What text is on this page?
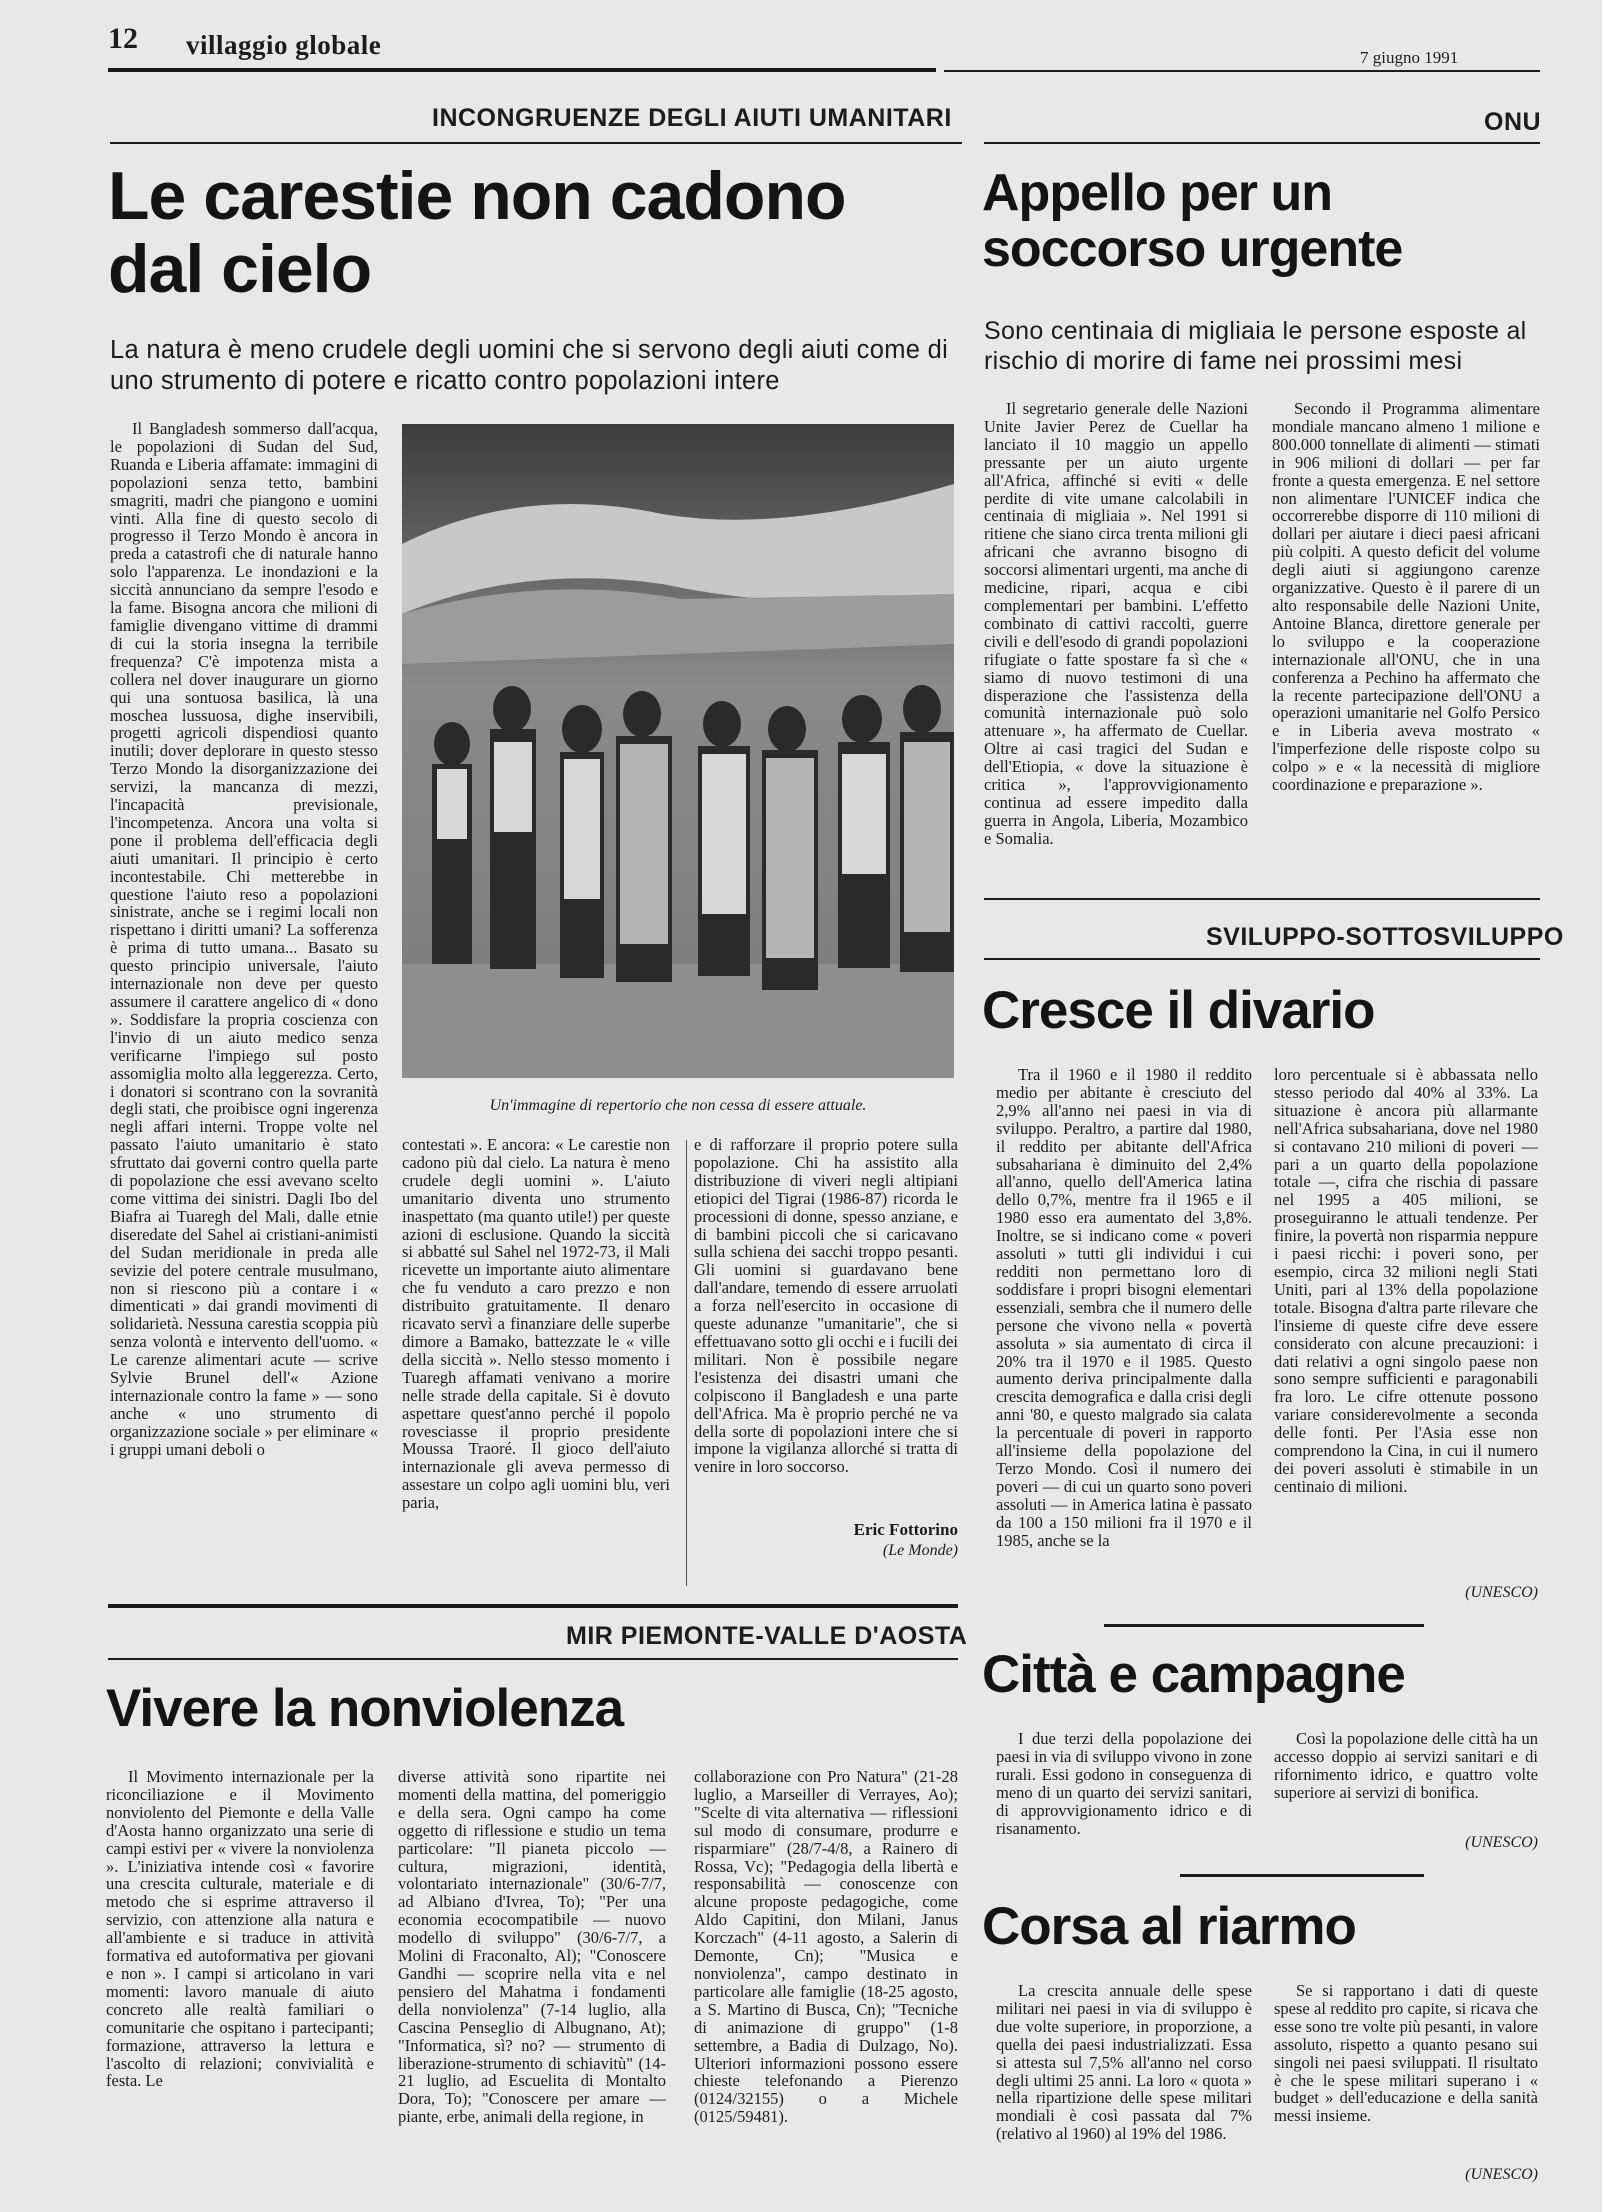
12 villaggio globale	7 giugno 1991
INCONGRUENZE DEGLI AIUTI UMANITARI
Le carestie non cadono dal cielo

La natura è meno crudele degli uomini che si servono degli aiuti come di uno strumento di potere e ricatto contro popolazioni intere

Il Bangladesh sommerso dall'acqua, le popolazioni di Sudan del Sud, Ruanda e Liberia affamate: immagini di popolazioni senza tetto, bambini smagriti, madri che piangono e uomini vinti. Alla fine di questo secolo di progresso il Terzo Mondo è ancora in preda a catastrofi che di naturale hanno solo l'apparenza. Le inondazioni e la siccità annunciano da sempre l'esodo e la fame. Bisogna ancora che milioni di famiglie divengano vittime di drammi di cui la storia insegna la terribile frequenza? C'è impotenza mista a collera nel dover inaugurare un giorno qui una sontuosa basilica, là una moschea lussuosa, dighe inservibili, progetti agricoli dispendiosi quanto inutili; dover deplorare in questo stesso Terzo Mondo la disorganizzazione dei servizi, la mancanza di mezzi, l'incapacità previsionale, l'incompetenza. Ancora una volta si pone il problema dell'efficacia degli aiuti umanitari. Il principio è certo incontestabile. Chi metterebbe in questione l'aiuto reso a popolazioni sinistrate, anche se i regimi locali non rispettano i diritti umani? La sofferenza è prima di tutto umana... Basato su questo principio universale, l'aiuto internazionale non deve per questo assumere il carattere angelico di « dono ». Soddisfare la propria coscienza con l'invio di un aiuto medico senza verificarne l'impiego sul posto assomiglia molto alla leggerezza. Certo, i donatori si scontrano con la sovranità degli stati, che proibisce ogni ingerenza negli affari interni. Troppe volte nel passato l'aiuto umanitario è stato sfruttato dai governi contro quella parte di popolazione che essi avevano scelto come vittima dei sinistri. Dagli Ibo del Biafra ai Tuaregh del Mali, dalle etnie diseredate del Sahel ai cristiani-animisti del Sudan meridionale in preda alle sevizie del potere centrale musulmano, non si riescono più a contare i « dimenticati » dai grandi movimenti di solidarietà. Nessuna carestia scoppia più senza volontà e intervento dell'uomo. « Le carenze alimentari acute — scrive Sylvie Brunel dell'« Azione internazionale contro la fame » — sono anche « uno strumento di organizzazione sociale » per eliminare « i gruppi umani deboli o

Un'immagine di repertorio che non cessa di essere attuale.

contestati ». E ancora: « Le carestie non cadono più dal cielo. La natura è meno crudele degli uomini ». L'aiuto umanitario diventa uno strumento inaspettato (ma quanto utile!) per queste azioni di esclusione. Quando la siccità si abbatté sul Sahel nel 1972-73, il Mali ricevette un importante aiuto alimentare che fu venduto a caro prezzo e non distribuito gratuitamente. Il denaro ricavato servì a finanziare delle superbe dimore a Bamako, battezzate le « ville della siccità ». Nello stesso momento i Tuaregh affamati venivano a morire nelle strade della capitale. Si è dovuto aspettare quest'anno perché il popolo rovesciasse il proprio presidente Moussa Traoré. Il gioco dell'aiuto internazionale gli aveva permesso di assestare un colpo agli uomini blu, veri paria,

e di rafforzare il proprio potere sulla popolazione. Chi ha assistito alla distribuzione di viveri negli altipiani etiopici del Tigrai (1986-87) ricorda le processioni di donne, spesso anziane, e di bambini piccoli che si caricavano sulla schiena dei sacchi troppo pesanti. Gli uomini si guardavano bene dall'andare, temendo di essere arruolati a forza nell'esercito in occasione di queste adunanze "umanitarie", che si effettuavano sotto gli occhi e i fucili dei militari. Non è possibile negare l'esistenza dei disastri umani che colpiscono il Bangladesh e una parte dell'Africa. Ma è proprio perché ne va della sorte di popolazioni intere che si impone la vigilanza allorché si tratta di venire in loro soccorso.

Eric Fottorino
(Le Monde)
ONU
Appello per un soccorso urgente

Sono centinaia di migliaia le persone esposte al rischio di morire di fame nei prossimi mesi

Il segretario generale delle Nazioni Unite Javier Perez de Cuellar ha lanciato il 10 maggio un appello pressante per un aiuto urgente all'Africa, affinché si eviti « delle perdite di vite umane calcolabili in centinaia di migliaia ». Nel 1991 si ritiene che siano circa trenta milioni gli africani che avranno bisogno di soccorsi alimentari urgenti, ma anche di medicine, ripari, acqua e cibi complementari per bambini. L'effetto combinato di cattivi raccolti, guerre civili e dell'esodo di grandi popolazioni rifugiate o fatte spostare fa sì che « siamo di nuovo testimoni di una disperazione che l'assistenza della comunità internazionale può solo attenuare », ha affermato de Cuellar. Oltre ai casi tragici del Sudan e dell'Etiopia, « dove la situazione è critica », l'approvvigionamento continua ad essere impedito dalla guerra in Angola, Liberia, Mozambico e Somalia.

Secondo il Programma alimentare mondiale mancano almeno 1 milione e 800.000 tonnellate di alimenti — stimati in 906 milioni di dollari — per far fronte a questa emergenza. E nel settore non alimentare l'UNICEF indica che occorrerebbe disporre di 110 milioni di dollari per aiutare i dieci paesi africani più colpiti. A questo deficit del volume degli aiuti si aggiungono carenze organizzative. Questo è il parere di un alto responsabile delle Nazioni Unite, Antoine Blanca, direttore generale per lo sviluppo e la cooperazione internazionale all'ONU, che in una conferenza a Pechino ha affermato che la recente partecipazione dell'ONU a operazioni umanitarie nel Golfo Persico e in Liberia aveva mostrato « l'imperfezione delle risposte colpo su colpo » e « la necessità di migliore coordinazione e preparazione ».

SVILUPPO-SOTTOSVILUPPO
Cresce il divario

Tra il 1960 e il 1980 il reddito medio per abitante è cresciuto del 2,9% all'anno nei paesi in via di sviluppo. Peraltro, a partire dal 1980, il reddito per abitante dell'Africa subsahariana è diminuito del 2,4% all'anno, quello dell'America latina dello 0,7%, mentre fra il 1965 e il 1980 esso era aumentato del 3,8%. Inoltre, se si indicano come « poveri assoluti » tutti gli individui i cui redditi non permettano loro di soddisfare i propri bisogni elementari essenziali, sembra che il numero delle persone che vivono nella « povertà assoluta » sia aumentato di circa il 20% tra il 1970 e il 1985. Questo aumento deriva principalmente dalla crescita demografica e dalla crisi degli anni '80, e questo malgrado sia calata la percentuale di poveri in rapporto all'insieme della popolazione del Terzo Mondo. Così il numero dei poveri — di cui un quarto sono poveri assoluti — in America latina è passato da 100 a 150 milioni fra il 1970 e il 1985, anche se la

loro percentuale si è abbassata nello stesso periodo dal 40% al 33%. La situazione è ancora più allarmante nell'Africa subsahariana, dove nel 1980 si contavano 210 milioni di poveri — pari a un quarto della popolazione totale —, cifra che rischia di passare nel 1995 a 405 milioni, se proseguiranno le attuali tendenze. Per finire, la povertà non risparmia neppure i paesi ricchi: i poveri sono, per esempio, circa 32 milioni negli Stati Uniti, pari al 13% della popolazione totale. Bisogna d'altra parte rilevare che l'insieme di queste cifre deve essere considerato con alcune precauzioni: i dati relativi a ogni singolo paese non sono sempre sufficienti e paragonabili fra loro. Le cifre ottenute possono variare considerevolmente a seconda delle fonti. Per l'Asia esse non comprendono la Cina, in cui il numero dei poveri assoluti è stimabile in un centinaio di milioni.

(UNESCO)
MIR PIEMONTE-VALLE D'AOSTA
Vivere la nonviolenza

Il Movimento internazionale per la riconciliazione e il Movimento nonviolento del Piemonte e della Valle d'Aosta hanno organizzato una serie di campi estivi per « vivere la nonviolenza ». L'iniziativa intende così « favorire una crescita culturale, materiale e di metodo che si esprime attraverso il servizio, con attenzione alla natura e all'ambiente e si traduce in attività formativa ed autoformativa per giovani e non ». I campi si articolano in vari momenti: lavoro manuale di aiuto concreto alle realtà familiari o comunitarie che ospitano i partecipanti; formazione, attraverso la lettura e l'ascolto di relazioni; convivialità e festa. Le

diverse attività sono ripartite nei momenti della mattina, del pomeriggio e della sera. Ogni campo ha come oggetto di riflessione e studio un tema particolare: "Il pianeta piccolo — cultura, migrazioni, identità, volontariato internazionale" (30/6-7/7, ad Albiano d'Ivrea, To); "Per una economia ecocompatibile — nuovo modello di sviluppo" (30/6-7/7, a Molini di Fraconalto, Al); "Conoscere Gandhi — scoprire nella vita e nel pensiero del Mahatma i fondamenti della nonviolenza" (7-14 luglio, alla Cascina Penseglio di Albugnano, At); "Informatica, sì? no? — strumento di liberazione-strumento di schiavitù" (14-21 luglio, ad Escuelita di Montalto Dora, To); "Conoscere per amare — piante, erbe, animali della regione, in

collaborazione con Pro Natura" (21-28 luglio, a Marseiller di Verrayes, Ao); "Scelte di vita alternativa — riflessioni sul modo di consumare, produrre e risparmiare" (28/7-4/8, a Rainero di Rossa, Vc); "Pedagogia della libertà e responsabilità — conoscenze con alcune proposte pedagogiche, come Aldo Capitini, don Milani, Janus Korczach" (4-11 agosto, a Salerin di Demonte, Cn); "Musica e nonviolenza", campo destinato in particolare alle famiglie (18-25 agosto, a S. Martino di Busca, Cn); "Tecniche di animazione di gruppo" (1-8 settembre, a Badia di Dulzago, No). Ulteriori informazioni possono essere chieste telefonando a Pierenzo (0124/32155) o a Michele (0125/59481).

Città e campagne

I due terzi della popolazione dei paesi in via di sviluppo vivono in zone rurali. Essi godono in conseguenza di meno di un quarto dei servizi sanitari, di approvvigionamento idrico e di risanamento.

Così la popolazione delle città ha un accesso doppio ai servizi sanitari e di rifornimento idrico, e quattro volte superiore ai servizi di bonifica.

(UNESCO)
Corsa al riarmo

La crescita annuale delle spese militari nei paesi in via di sviluppo è due volte superiore, in proporzione, a quella dei paesi industrializzati. Essa si attesta sul 7,5% all'anno nel corso degli ultimi 25 anni. La loro « quota » nella ripartizione delle spese militari mondiali è così passata dal 7% (relativo al 1960) al 19% del 1986.

Se si rapportano i dati di queste spese al reddito pro capite, si ricava che esse sono tre volte più pesanti, in valore assoluto, rispetto a quanto pesano sui singoli nei paesi sviluppati. Il risultato è che le spese militari superano i « budget » dell'educazione e della sanità messi insieme.

(UNESCO)
